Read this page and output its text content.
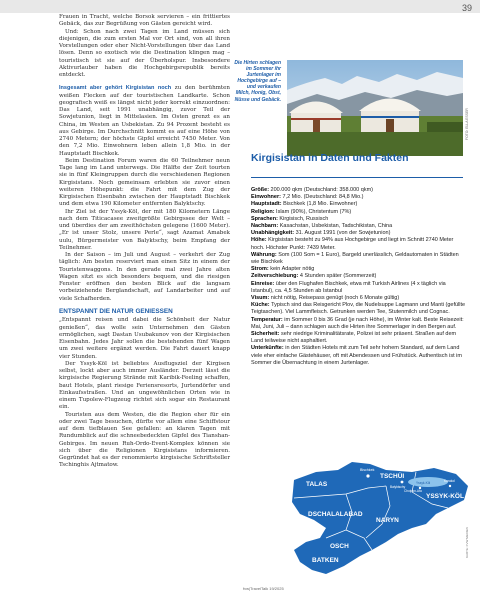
39

Frauen in Tracht, welche Borsok servieren – ein frittiertes Gebäck, das zur Begrüßung von Gästen gereicht wird.

Und: Schon nach zwei Tagen im Land müssen sich diejenigen, die zum ersten Mal vor Ort sind, von all ihren Vorstellungen oder eher Nicht-Vorstellungen über das Land lösen. Denn so exotisch wie die Destination klingen mag – touristisch ist sie auf der Überholspur. Insbesondere Aktivurlauber haben die Hochgebirgsrepublik bereits entdeckt.

Insgesamt aber gehört Kirgisistan noch zu den berühmten weißen Flecken auf der touristischen Landkarte. Schon geografisch weiß es längst nicht jeder korrekt einzuordnen: Das Land, seit 1991 unabhängig, zuvor Teil der Sowjetunion, liegt in Mittelasien. Im Osten grenzt es an China, im Westen an Usbekistan. Zu 94 Prozent besteht es aus Gebirge. Im Durchschnitt kommt es auf eine Höhe von 2740 Metern; der höchste Gipfel erreicht 7450 Meter. Von den 7,2 Mio. Einwohnern leben allein 1,8 Mio. in der Hauptstadt Bischkek.

Beim Destination Forum waren die 60 Teilnehmer neun Tage lang im Land unterwegs. Die Hälfte der Zeit tourten sie in fünf Kleingruppen durch die verschiedenen Regionen Kirgisistans. Noch gemeinsam erlebten sie zuvor einen weiteren Höhepunkt: die Fahrt mit dem Zug der Kirgisischen Eisenbahn zwischen der Hauptstadt Bischkek und dem etwa 190 Kilometer entfernten Balyktschy.

Ihr Ziel ist der Yssyk-Köl, der mit 180 Kilometern Länge nach dem Titicacasee zweitgrößte Gebirgssee der Welt – und überdies der am zweithöchsten gelegene (1600 Meter). „Er ist unser Stolz, unsere Perle“, sagt Azamat Amabek uulu, Bürgermeister von Balyktschy, beim Empfang der Teilnehmer.

In der Saison – im Juli und August – verkehrt der Zug täglich: Am besten reserviert man einen Sitz in einem der Touristenwaggons. In den gerade mal zwei Jahre alten Wagen sitzt es sich besonders bequem, und die riesigen Fenster eröffnen den besten Blick auf die langsam vorbeiziehende Berglandschaft, auf Landarbeiter und auf viele Schafherden.

ENTSPANNT DIE NATUR GENIESSEN

„Entspannt reisen und dabei die Schönheit der Natur genießen“, das wolle sein Unternehmen den Gästen ermöglichen, sagt Dastan Usubakunov von der Kirgisischen Eisenbahn. Jedes Jahr sollen die bestehenden fünf Wagen um zwei weitere ergänzt werden. Die Fahrt dauert knapp vier Stunden.

Der Yssyk-Köl ist beliebtes Ausflugsziel der Kirgisen selbst, lockt aber auch immer Ausländer. Derzeit lässt die kirgisische Regierung Strände mit Karibik-Feeling schaffen, baut Hotels, plant riesige Feriensresorts, Jurtendörfer und Einkaufsstraßen. Und an ungewöhnlichen Orten wie in einem Tupolew-Flugzeug richtet sich sogar ein Restaurant ein.

Touristen aus dem Westen, die die Region eher für ein oder zwei Tage besuchen, dürfte vor allem eine Schiffstour auf dem tiefblauen See gefallen: an klaren Tagen mit Rundumblick auf die schneebedeckten Gipfel des Tianshan-Gebirges. Im neuen Ruh-Ordo-Event-Komplex können sie sich über die Religionen Kirgisistans informieren. Gegründet hat es der renommierte kirgisische Schriftsteller Tschinghis Ajtmatow.

Die Hirten schlagen im Sommer ihr Jurtenlager im Hochgebirge auf – und verkaufen Milch, Honig, Obst, Nüsse und Gebäck.
FOTO: ELLA ESSER
Kirgisistan in Daten und Fakten

Größe: 200.000 qkm (Deutschland: 358.000 qkm)

Einwohner: 7,2 Mio. (Deutschland: 84,8 Mio.)

Hauptstadt: Bischkek (1,8 Mio. Einwohner)

Religion: Islam (90%), Christentum (7%)

Sprachen: Kirgisisch, Russisch

Nachbarn: Kasachstan, Usbekistan, Tadschikistan, China

Unabhängigkeit: 31. August 1991 (von der Sowjetunion)

Höhe: Kirgisistan besteht zu 94% aus Hochgebirge und liegt im Schnitt 2740 Meter hoch. Höchster Punkt: 7439 Meter.

Währung: Som (100 Som = 1 Euro), Bargeld unerlässlich, Geldautomaten in Städten wie Bischkek

Strom: kein Adapter nötig

Zeitverschiebung: 4 Stunden später (Sommerzeit)

Einreise: über den Flughafen Bischkek, etwa mit Turkish Airlines (4 x täglich via Istanbul), ca. 4,5 Stunden ab Istanbul

Visum: nicht nötig, Reisepass genügt (noch 6 Monate gültig)

Küche: Typisch sind das Reisgericht Plov, die Nudelsuppe Lagmann und Manti (gefüllte Teigtaschen). Viel Lammfleisch. Getrunken werden Tee, Stutenmilch und Cognac.

Temperatur: im Sommer 0 bis 36 Grad (je nach Höhe), im Winter kalt. Beste Reisezeit: Mai, Juni, Juli – dann schlagen auch die Hirten ihre Sommerlager in den Bergen auf.

Sicherheit: sehr niedrige Kriminalitätsrate, Polizei ist sehr präsent. Straßen auf dem Land teilweise nicht asphaltiert.

Unterkünfte: in den Städten Hotels mit zum Teil sehr hohem Standard, auf dem Land viele eher einfache Gästehäuser, oft mit Abendessen und Frühstück. Authentisch ist im Sommer die Übernachtung in einem Jurtenlager.

TALAS
TSCHÜI
YSSYK-KÖL
DSCHALALABAD
NARYN
OSCH
BATKEN
Bischkek
Balyktschy
Yssyk-Köl
Cholpon-Ata
Karakol
KARTE: FVW MEDIEN
fvw|TravelTalk 19/2025
